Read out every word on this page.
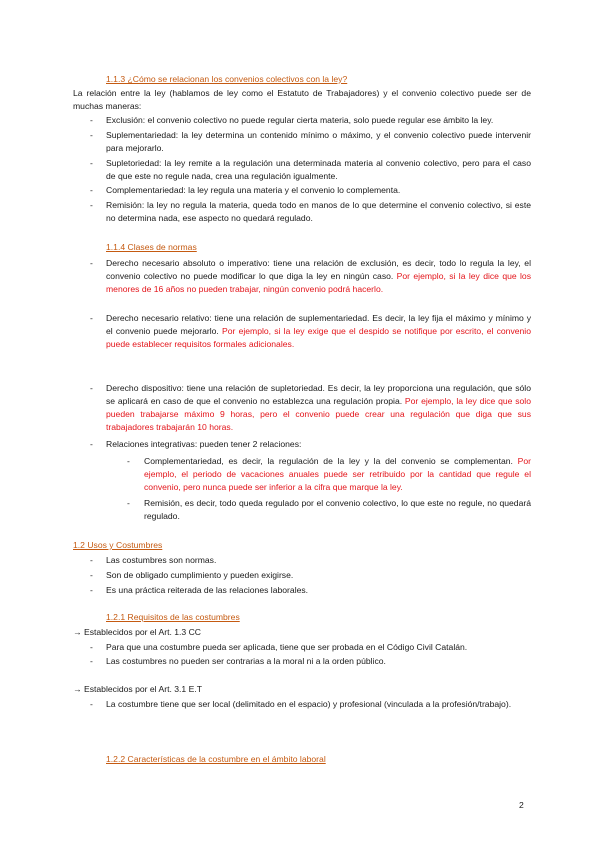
1.1.3 ¿Cómo se relacionan los convenios colectivos con la ley?
La relación entre la ley (hablamos de ley como el Estatuto de Trabajadores) y el convenio colectivo puede ser de muchas maneras:
- Exclusión: el convenio colectivo no puede regular cierta materia, solo puede regular ese ámbito la ley.
- Suplementariedad: la ley determina un contenido mínimo o máximo, y el convenio colectivo puede intervenir para mejorarlo.
- Supletoriedad: la ley remite a la regulación una determinada materia al convenio colectivo, pero para el caso de que este no regule nada, crea una regulación igualmente.
- Complementariedad: la ley regula una materia y el convenio lo complementa.
- Remisión: la ley no regula la materia, queda todo en manos de lo que determine el convenio colectivo, si este no determina nada, ese aspecto no quedará regulado.
1.1.4 Clases de normas
- Derecho necesario absoluto o imperativo: tiene una relación de exclusión, es decir, todo lo regula la ley, el convenio colectivo no puede modificar lo que diga la ley en ningún caso. Por ejemplo, si la ley dice que los menores de 16 años no pueden trabajar, ningún convenio podrá hacerlo.
- Derecho necesario relativo: tiene una relación de suplementariedad. Es decir, la ley fija el máximo y mínimo y el convenio puede mejorarlo. Por ejemplo, si la ley exige que el despido se notifique por escrito, el convenio puede establecer requisitos formales adicionales.
- Derecho dispositivo: tiene una relación de supletoriedad. Es decir, la ley proporciona una regulación, que sólo se aplicará en caso de que el convenio no establezca una regulación propia. Por ejemplo, la ley dice que solo pueden trabajarse máximo 9 horas, pero el convenio puede crear una regulación que diga que sus trabajadores trabajarán 10 horas.
- Relaciones integrativas: pueden tener 2 relaciones:
- Complementariedad, es decir, la regulación de la ley y la del convenio se complementan. Por ejemplo, el periodo de vacaciones anuales puede ser retribuido por la cantidad que regule el convenio, pero nunca puede ser inferior a la cifra que marque la ley.
- Remisión, es decir, todo queda regulado por el convenio colectivo, lo que este no regule, no quedará regulado.
1.2 Usos y Costumbres
- Las costumbres son normas.
- Son de obligado cumplimiento y pueden exigirse.
- Es una práctica reiterada de las relaciones laborales.
1.2.1 Requisitos de las costumbres
→ Establecidos por el Art. 1.3 CC
- Para que una costumbre pueda ser aplicada, tiene que ser probada en el Código Civil Catalán.
- Las costumbres no pueden ser contrarias a la moral ni a la orden público.
→ Establecidos por el Art. 3.1 E.T
- La costumbre tiene que ser local (delimitado en el espacio) y profesional (vinculada a la profesión/trabajo).
1.2.2 Características de la costumbre en el ámbito laboral
2
